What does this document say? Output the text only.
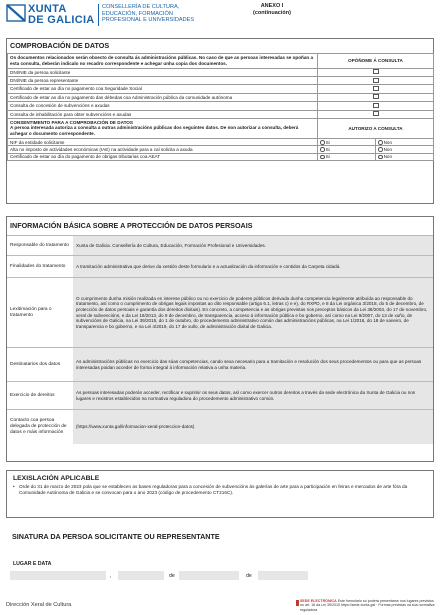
XUNTA
DE GALICIA
CONSELLERÍA DE CULTURA,
EDUCACIÓN, FORMACIÓN
PROFESIONAL E UNIVERSIDADES
ANEXO I
(continuación)
COMPROBACIÓN DE DATOS
Os documentos relacionados serán obxecto de consulta ás administracións públicas. No caso de que as persoas interesadas se opoñan a esta consulta, deberán indicalo no recadro correspondente e achegar unha copia dos documentos.	OPÓÑOME Á CONSULTA	
DNI/NIE da persoa solicitante		
DNI/NIE da persoa representante		
Certificado de estar ao día no pagamento coa Seguridade Social		
Certificado de estar ao día no pagamento das débedas coa Administración pública da comunidade autónoma		
Consulta de concesión de subvencións e axudas		
Consulta de inhabilitación para obter subvencións e axudas		

CONSENTIMENTO PARA A COMPROBACIÓN DE DATOS
A persoa interesada autoriza a consulta a outras administracións públicas dos seguintes datos. De non autorizar a consulta, deberá achegar o documento correspondente.	AUTORIZO A CONSULTA	
NIF da entidade solicitante	Si	Non
Alta no imposto de actividades económicas (IAE) na actividade para a cal solicita a axuda	Si	Non
Certificado de estar ao día do pagamento de obrigas tributarias coa AEAT	Si	Non
INFORMACIÓN BÁSICA SOBRE A PROTECCIÓN DE DATOS PERSOAIS
Responsable do tratamento	Xunta de Galicia. Consellería de Cultura, Educación, Formación Profesional e Universidades.
Finalidades do tratamento	A tramitación administrativa que derive da xestión deste formulario e a actualización da información e contidos da Carpeta cidadá.
Lexitimación para o tratamento	O cumprimento dunha misión realizada en interese público ou no exercicio de poderes públicos derivada dunha competencia legalmente atribuída ao responsable do tratamento, así como o cumprimento de obrigas legais impostas ao dito responsable (artigo 6.1, letras c) e e), do RXPD, e 8 da Lei orgánica 3/2018, do 5 de decembro, de protección de datos persoais e garantía dos dereitos dixitais). En concreto, a competencia e as obrigas previstas nos preceptos básicos da Lei 38/2003, do 17 de novembro, xeral de subvencións, e da Lei 19/2013, do 9 de decembro, de transparencia, acceso á información pública e bo goberno, así como na Lei 9/2007, do 13 de xuño, de subvencións de Galicia, na Lei 39/2015, do 1 de outubro, do procedemento administrativo común das administracións públicas, na Lei 1/2016, do 18 de xaneiro, de transparencia e bo goberno, e na Lei 4/2019, do 17 de xullo, de administración dixital de Galicia.
Destinatarios dos datos	As administracións públicas no exercicio das súas competencias, cando sexa necesario para a tramitación e resolución dos seus procedementos ou para que as persoas interesadas poidan acceder de forma integral á información relativa a unha materia.
Exercicio de dereitos	As persoas interesadas poderán acceder, rectificar e suprimir os seus datos, así como exercer outros dereitos a través da sede electrónica da Xunta de Galicia ou nos lugares e rexistros establecidos na normativa reguladora do procedemento administrativo común.
Contacto coa persoa delegada de protección de datos e máis información	(https://www.xunta.gal/informacion-xeral-proteccion-datos)
LEXISLACIÓN APLICABLE
• Orde do 31 de marzo de 2023 pola que se establecen as bases reguladoras para a concesión de subvencións ás galerías de arte para a participación en feiras e mercados de arte fóra da Comunidade Autónoma de Galicia e se convocan para o ano 2023 (código de procedemento CT216C).
SINATURA DA PERSOA SOLICITANTE OU REPRESENTANTE
LUGAR E DATA
,	de	de
Dirección Xeral de Cultura
SEDE ELECTRÓNICA Este formulario só poderá presentarse nos lugares previstos no art. 16 da Lei 39/2015 https://sede.xunta.gal · Formas previstas na súa normativa reguladora
